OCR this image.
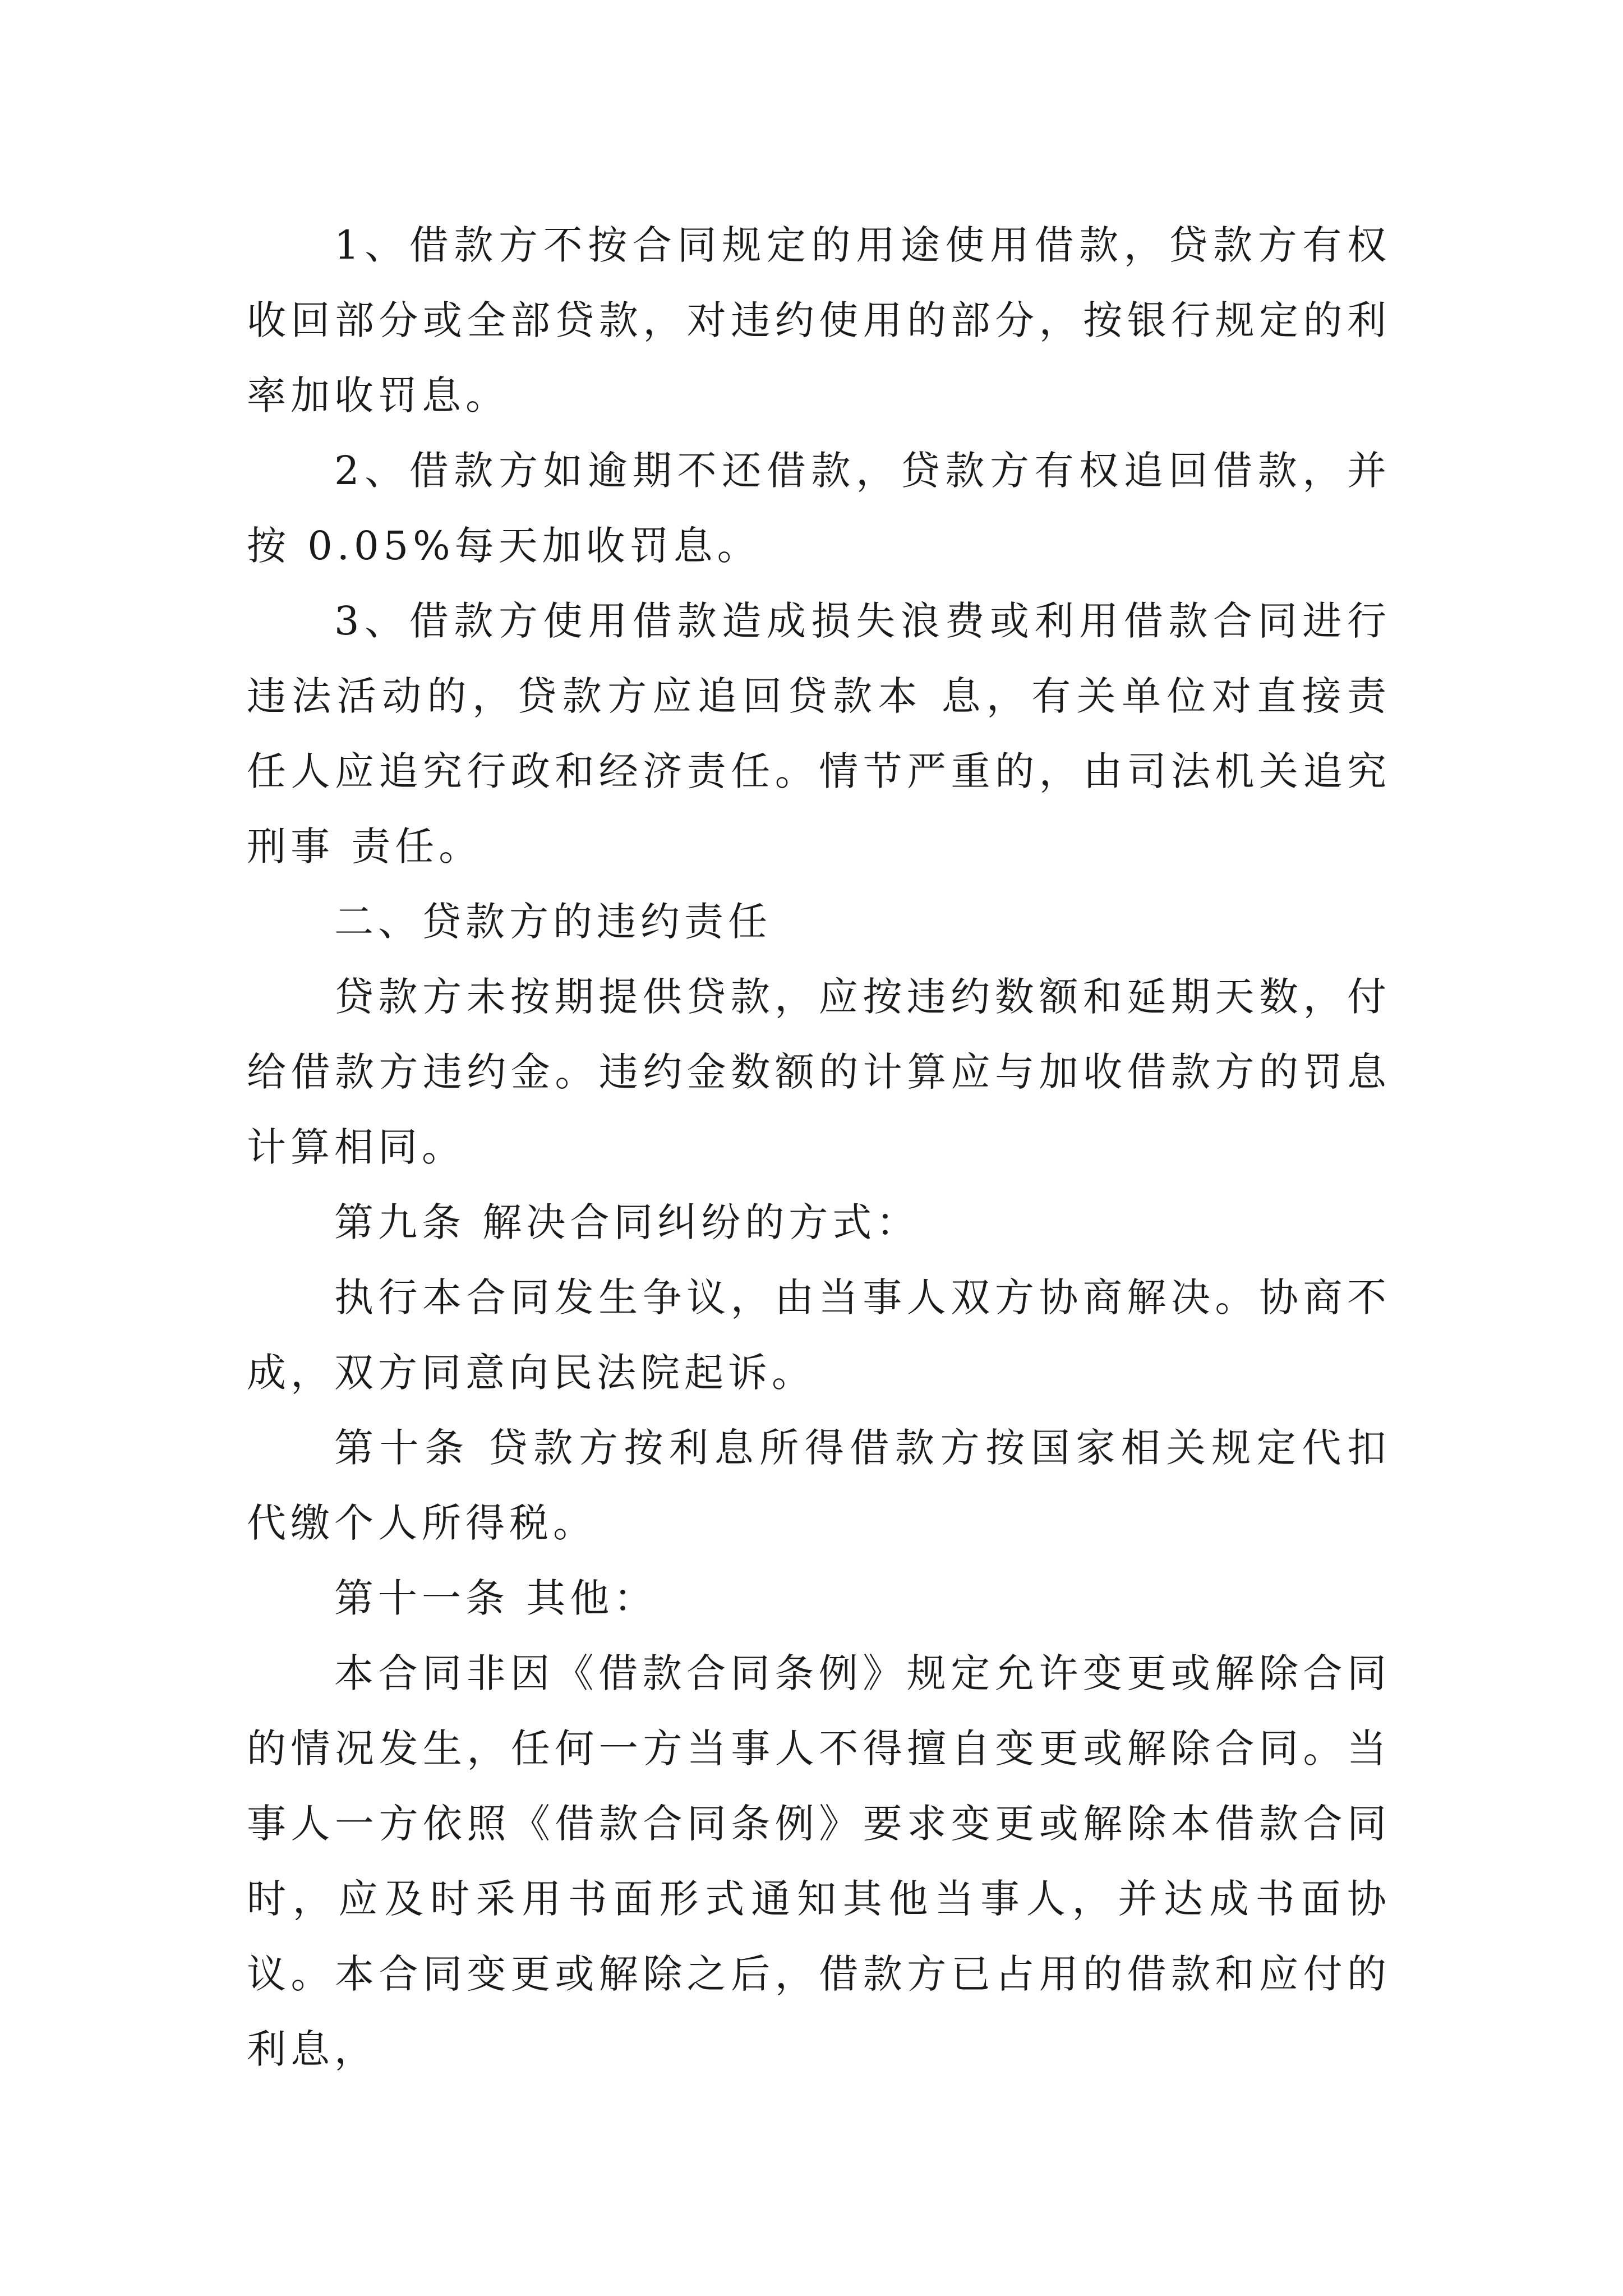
1、借款方不按合同规定的用途使用借款，贷款方有权收回部分或全部贷款，对违约使用的部分，按银行规定的利率加收罚息。

2、借款方如逾期不还借款，贷款方有权追回借款，并按 0.05%每天加收罚息。

3、借款方使用借款造成损失浪费或利用借款合同进行违法活动的，贷款方应追回贷款本 息，有关单位对直接责任人应追究行政和经济责任。情节严重的，由司法机关追究刑事 责任。

二、贷款方的违约责任

贷款方未按期提供贷款，应按违约数额和延期天数，付给借款方违约金。违约金数额的计算应与加收借款方的罚息计算相同。

第九条 解决合同纠纷的方式：

执行本合同发生争议，由当事人双方协商解决。协商不成，双方同意向民法院起诉。

第十条 贷款方按利息所得借款方按国家相关规定代扣代缴个人所得税。

第十一条 其他：

本合同非因《借款合同条例》规定允许变更或解除合同的情况发生，任何一方当事人不得擅自变更或解除合同。当事人一方依照《借款合同条例》要求变更或解除本借款合同时，应及时采用书面形式通知其他当事人，并达成书面协议。本合同变更或解除之后，借款方已占用的借款和应付的利息，
